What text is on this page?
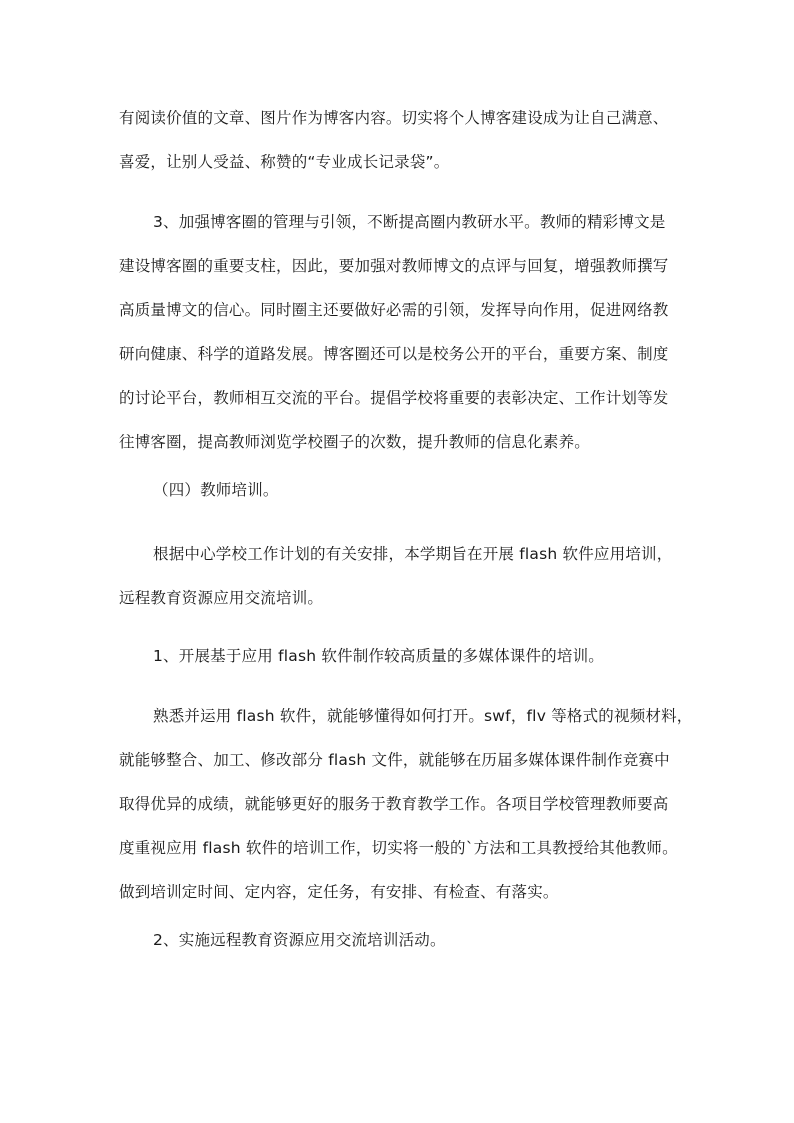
有阅读价值的文章、图片作为博客内容。切实将个人博客建设成为让自己满意、
喜爱，让别人受益、称赞的“专业成长记录袋”。
3、加强博客圈的管理与引领，不断提高圈内教研水平。教师的精彩博文是
建设博客圈的重要支柱，因此，要加强对教师博文的点评与回复，增强教师撰写
高质量博文的信心。同时圈主还要做好必需的引领，发挥导向作用，促进网络教
研向健康、科学的道路发展。博客圈还可以是校务公开的平台，重要方案、制度
的讨论平台，教师相互交流的平台。提倡学校将重要的表彰决定、工作计划等发
往博客圈，提高教师浏览学校圈子的次数，提升教师的信息化素养。
（四）教师培训。
根据中心学校工作计划的有关安排，本学期旨在开展 flash 软件应用培训，
远程教育资源应用交流培训。
1、开展基于应用 flash 软件制作较高质量的多媒体课件的培训。
熟悉并运用 flash 软件，就能够懂得如何打开。swf，flv 等格式的视频材料，
就能够整合、加工、修改部分 flash 文件，就能够在历届多媒体课件制作竞赛中
取得优异的成绩，就能够更好的服务于教育教学工作。各项目学校管理教师要高
度重视应用 flash 软件的培训工作，切实将一般的`方法和工具教授给其他教师。
做到培训定时间、定内容，定任务，有安排、有检查、有落实。
2、实施远程教育资源应用交流培训活动。
